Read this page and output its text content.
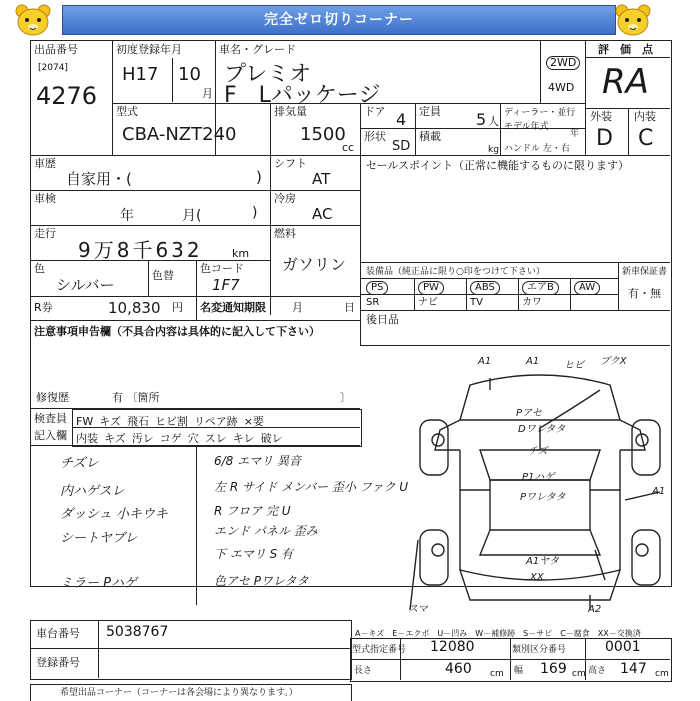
完全ゼロ切りコーナー
出品番号
[2074]
4276
初度登録年月
H17 10
月
車名・グレード
プレミオ
F　Lパッケージ
2WD
4WD
評　価　点
RA
外装 内装
D C
型式
CBA-NZT240
排気量
1500
cc
ドア 4 定員 5 人
ディーラー・並行
モデル年式
年
形状
SD
積載
kg ハンドル 左・右
車歴
自家用・(	)
車検
年	月(	)
走行
9万8千632	km
色
シルバー
色替
色コード
1F7
シフト
AT
冷房
AC
燃料
ガソリン
R券	10,830 円 名変通知期限 月	日
セールスポイント（正常に機能するものに限ります）
装備品（純正品に限り○印をつけて下さい）	新車保証書
有・無
PS	PW	ABS	エアB	AW
SR	ナビ	TV	カワ
後日品
注意事項申告欄（不具合内容は具体的に記入して下さい）
修復歴	有 〔箇所	〕
検査員
記入欄
FW キズ 飛石 ヒビ割 リペア跡 ×要
内装 キズ 汚レ コゲ 穴 スレ キレ 破レ
チズレ
内ハゲスレ
ダッシュ 小キウキ
シートヤブレ
ミラー Pハゲ
6/8 エマリ 異音
左 R サイド メンバー 歪小 ファク U
R フロア 完 U
エンド パネル 歪み
下 エマリ S 有
色アセ Pワレタタ
A1	A1 ヒビ ブクX
Pアセ
Dワレタタ
チズ
P1ハゲ
Pワレタタ
A1
A1ヤタ
XX
スマ	A2
車台番号 5038767
登録番号
A－キズ　E－エクボ　U－凹み　W－補修跡　S－サビ　C－腐食　XX－交換済
型式指定番号 12080	類別区分番号	0001
長さ	460 cm 幅 169 cm 高さ 147 cm
希望出品コーナー（コーナーは各会場により異なります。）
